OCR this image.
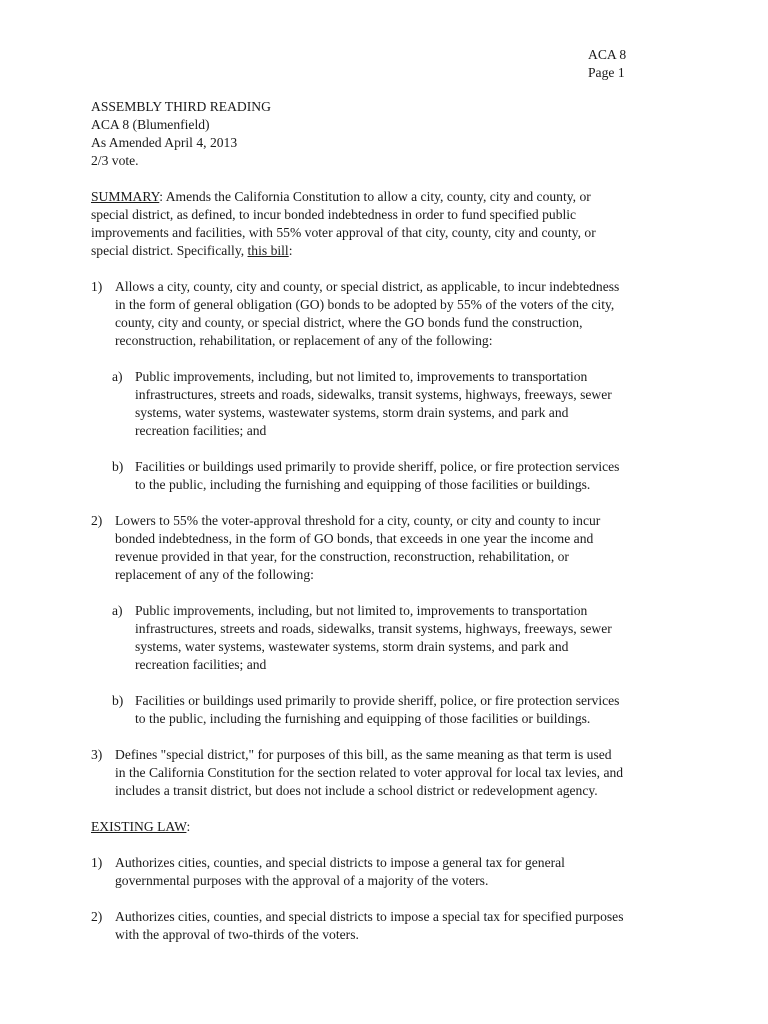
ACA 8
Page 1
ASSEMBLY THIRD READING
ACA 8 (Blumenfield)
As Amended April 4, 2013
2/3 vote.
SUMMARY: Amends the California Constitution to allow a city, county, city and county, or
special district, as defined, to incur bonded indebtedness in order to fund specified public
improvements and facilities, with 55% voter approval of that city, county, city and county, or
special district. Specifically, this bill:
1) Allows a city, county, city and county, or special district, as applicable, to incur indebtedness
in the form of general obligation (GO) bonds to be adopted by 55% of the voters of the city,
county, city and county, or special district, where the GO bonds fund the construction,
reconstruction, rehabilitation, or replacement of any of the following:
a) Public improvements, including, but not limited to, improvements to transportation
infrastructures, streets and roads, sidewalks, transit systems, highways, freeways, sewer
systems, water systems, wastewater systems, storm drain systems, and park and
recreation facilities; and
b) Facilities or buildings used primarily to provide sheriff, police, or fire protection services
to the public, including the furnishing and equipping of those facilities or buildings.
2) Lowers to 55% the voter-approval threshold for a city, county, or city and county to incur
bonded indebtedness, in the form of GO bonds, that exceeds in one year the income and
revenue provided in that year, for the construction, reconstruction, rehabilitation, or
replacement of any of the following:
a) Public improvements, including, but not limited to, improvements to transportation
infrastructures, streets and roads, sidewalks, transit systems, highways, freeways, sewer
systems, water systems, wastewater systems, storm drain systems, and park and
recreation facilities; and
b) Facilities or buildings used primarily to provide sheriff, police, or fire protection services
to the public, including the furnishing and equipping of those facilities or buildings.
3) Defines "special district," for purposes of this bill, as the same meaning as that term is used
in the California Constitution for the section related to voter approval for local tax levies, and
includes a transit district, but does not include a school district or redevelopment agency.
EXISTING LAW:
1) Authorizes cities, counties, and special districts to impose a general tax for general
governmental purposes with the approval of a majority of the voters.
2) Authorizes cities, counties, and special districts to impose a special tax for specified purposes
with the approval of two-thirds of the voters.
